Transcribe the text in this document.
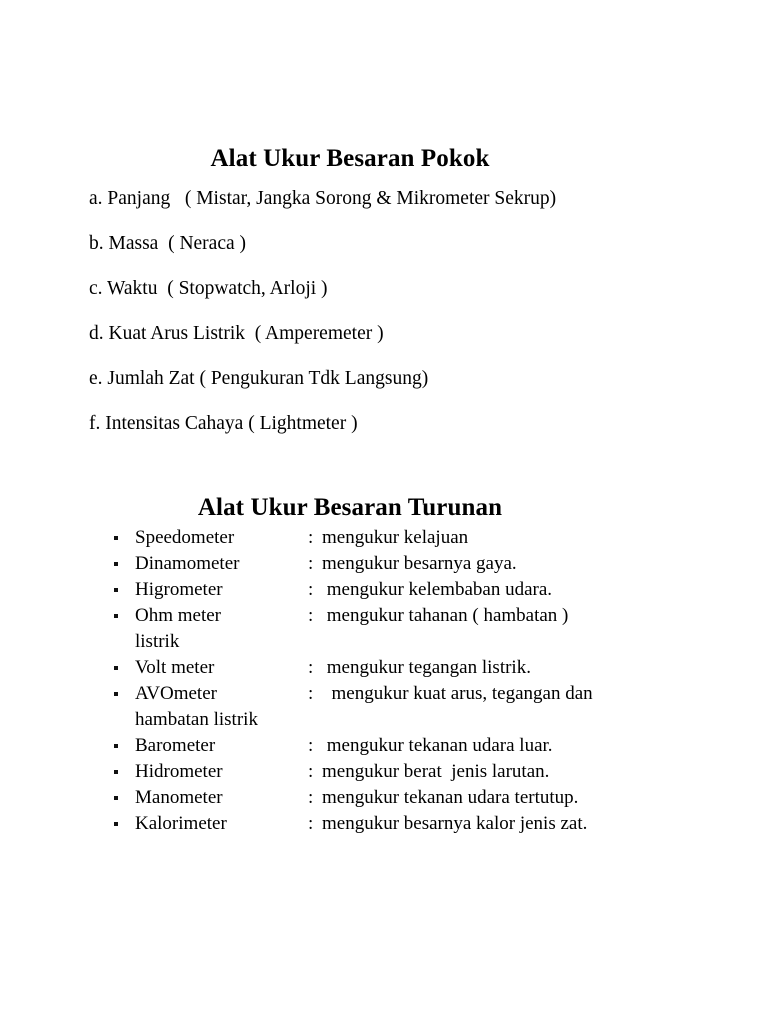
Alat Ukur Besaran Pokok
a. Panjang   ( Mistar, Jangka Sorong & Mikrometer Sekrup)
b. Massa  ( Neraca )
c. Waktu  ( Stopwatch, Arloji )
d. Kuat Arus Listrik  ( Amperemeter )
e. Jumlah Zat ( Pengukuran Tdk Langsung)
f. Intensitas Cahaya ( Lightmeter )
Alat Ukur Besaran Turunan
Speedometer	: mengukur kelajuan
Dinamometer	: mengukur besarnya gaya.
Higrometer	: mengukur kelembaban udara.
Ohm meter	: mengukur tahanan ( hambatan )
listrik
Volt meter	: mengukur tegangan listrik.
AVOmeter	: mengukur kuat arus, tegangan dan
hambatan listrik
Barometer	: mengukur tekanan udara luar.
Hidrometer	: mengukur berat  jenis larutan.
Manometer	: mengukur tekanan udara tertutup.
Kalorimeter	: mengukur besarnya kalor jenis zat.
